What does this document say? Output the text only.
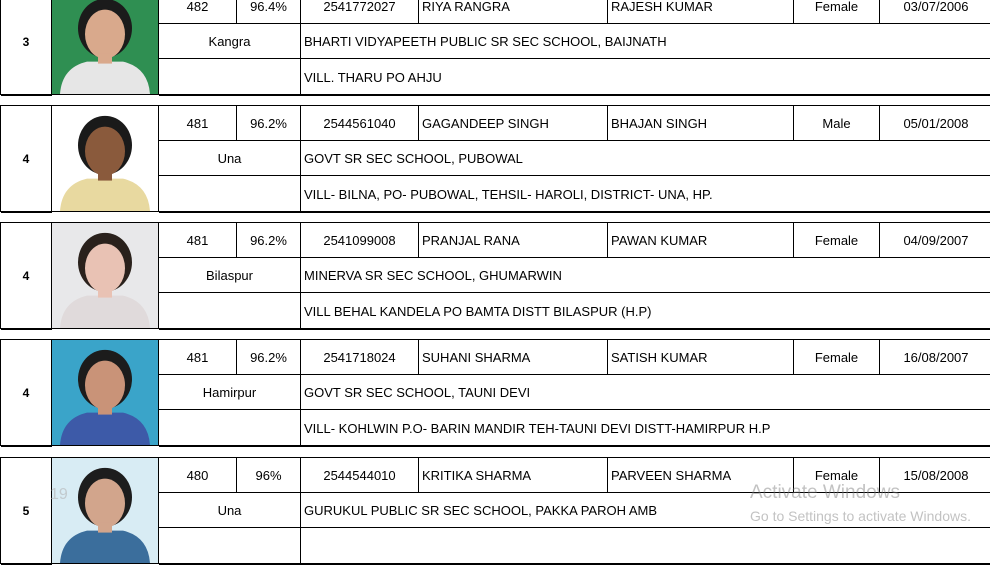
3
482	96.4%	2541772027	RIYA RANGRA	RAJESH KUMAR	Female	03/07/2006
Kangra	BHARTI VIDYAPEETH PUBLIC SR SEC SCHOOL, BAIJNATH
VILL. THARU PO AHJU
4
481	96.2%	2544561040	GAGANDEEP SINGH	BHAJAN SINGH	Male	05/01/2008
Una	GOVT SR SEC SCHOOL, PUBOWAL
VILL- BILNA, PO- PUBOWAL, TEHSIL- HAROLI, DISTRICT- UNA, HP.
4
481	96.2%	2541099008	PRANJAL RANA	PAWAN KUMAR	Female	04/09/2007
Bilaspur	MINERVA SR SEC SCHOOL, GHUMARWIN
VILL BEHAL KANDELA PO BAMTA DISTT BILASPUR (H.P)
4
481	96.2%	2541718024	SUHANI SHARMA	SATISH KUMAR	Female	16/08/2007
Hamirpur	GOVT SR SEC SCHOOL, TAUNI DEVI
VILL- KOHLWIN P.O- BARIN MANDIR TEH-TAUNI DEVI DISTT-HAMIRPUR H.P
5
480	96%	2544544010	KRITIKA SHARMA	PARVEEN SHARMA	Female	15/08/2008
Una	GURUKUL PUBLIC SR SEC SCHOOL, PAKKA PAROH AMB
19	Activate Windows
Go to Settings to activate Windows.
